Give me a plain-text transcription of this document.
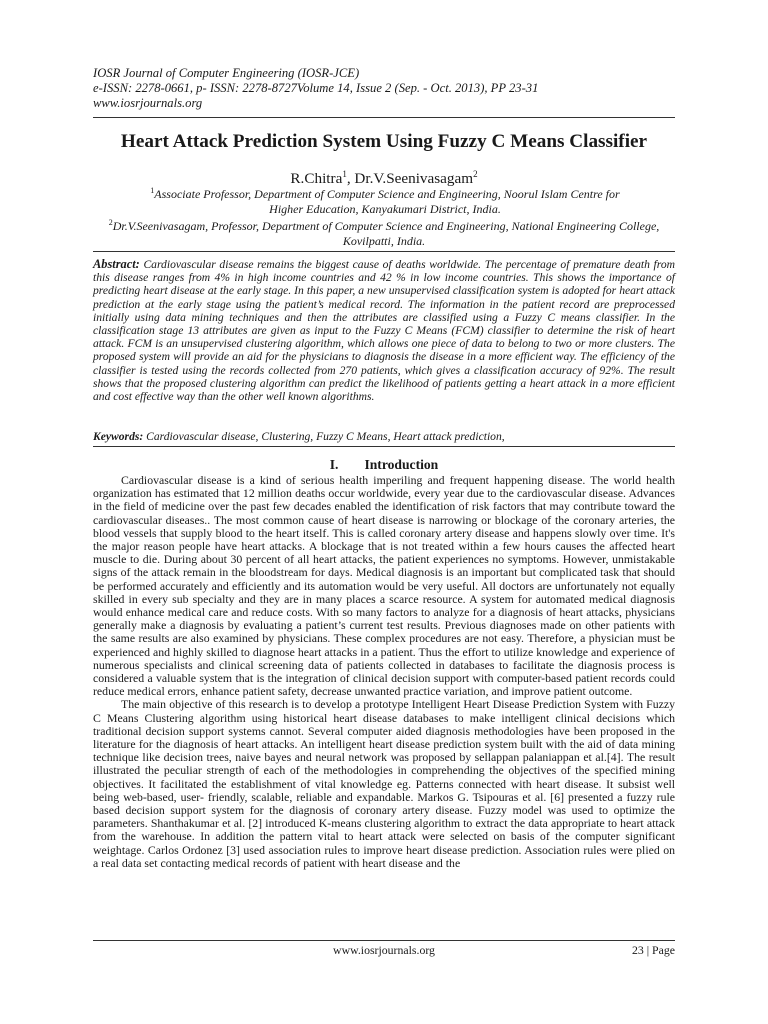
IOSR Journal of Computer Engineering (IOSR-JCE)
e-ISSN: 2278-0661, p- ISSN: 2278-8727Volume 14, Issue 2 (Sep. - Oct. 2013), PP 23-31
www.iosrjournals.org
Heart Attack Prediction System Using Fuzzy C Means Classifier
R.Chitra$^1$, Dr.V.Seenivasagam$^2$
$^1$Associate Professor, Department of Computer Science and Engineering, Noorul Islam Centre for Higher Education, Kanyakumari District, India.
$^2$Dr.V.Seenivasagam, Professor, Department of Computer Science and Engineering, National Engineering College, Kovilpatti, India.
Abstract: Cardiovascular disease remains the biggest cause of deaths worldwide. The percentage of premature death from this disease ranges from 4% in high income countries and 42 % in low income countries. This shows the importance of predicting heart disease at the early stage. In this paper, a new unsupervised classification system is adopted for heart attack prediction at the early stage using the patient’s medical record. The information in the patient record are preprocessed initially using data mining techniques and then the attributes are classified using a Fuzzy C means classifier. In the classification stage 13 attributes are given as input to the Fuzzy C Means (FCM) classifier to determine the risk of heart attack. FCM is an unsupervised clustering algorithm, which allows one piece of data to belong to two or more clusters. The proposed system will provide an aid for the physicians to diagnosis the disease in a more efficient way. The efficiency of the classifier is tested using the records collected from 270 patients, which gives a classification accuracy of 92%. The result shows that the proposed clustering algorithm can predict the likelihood of patients getting a heart attack in a more efficient and cost effective way than the other well known algorithms.
Keywords: Cardiovascular disease, Clustering, Fuzzy C Means, Heart attack prediction,
I. Introduction

Cardiovascular disease is a kind of serious health imperiling and frequent happening disease. The world health organization has estimated that 12 million deaths occur worldwide, every year due to the cardiovascular disease. Advances in the field of medicine over the past few decades enabled the identification of risk factors that may contribute toward the cardiovascular diseases.. The most common cause of heart disease is narrowing or blockage of the coronary arteries, the blood vessels that supply blood to the heart itself. This is called coronary artery disease and happens slowly over time. It's the major reason people have heart attacks. A blockage that is not treated within a few hours causes the affected heart muscle to die. During about 30 percent of all heart attacks, the patient experiences no symptoms. However, unmistakable signs of the attack remain in the bloodstream for days. Medical diagnosis is an important but complicated task that should be performed accurately and efficiently and its automation would be very useful. All doctors are unfortunately not equally skilled in every sub specialty and they are in many places a scarce resource. A system for automated medical diagnosis would enhance medical care and reduce costs. With so many factors to analyze for a diagnosis of heart attacks, physicians generally make a diagnosis by evaluating a patient’s current test results. Previous diagnoses made on other patients with the same results are also examined by physicians. These complex procedures are not easy. Therefore, a physician must be experienced and highly skilled to diagnose heart attacks in a patient. Thus the effort to utilize knowledge and experience of numerous specialists and clinical screening data of patients collected in databases to facilitate the diagnosis process is considered a valuable system that is the integration of clinical decision support with computer-based patient records could reduce medical errors, enhance patient safety, decrease unwanted practice variation, and improve patient outcome.

The main objective of this research is to develop a prototype Intelligent Heart Disease Prediction System with Fuzzy C Means Clustering algorithm using historical heart disease databases to make intelligent clinical decisions which traditional decision support systems cannot. Several computer aided diagnosis methodologies have been proposed in the literature for the diagnosis of heart attacks. An intelligent heart disease prediction system built with the aid of data mining technique like decision trees, naive bayes and neural network was proposed by sellappan palaniappan et al.[4]. The result illustrated the peculiar strength of each of the methodologies in comprehending the objectives of the specified mining objectives. It facilitated the establishment of vital knowledge eg. Patterns connected with heart disease. It subsist well being web-based, user- friendly, scalable, reliable and expandable. Markos G. Tsipouras et al. [6] presented a fuzzy rule based decision support system for the diagnosis of coronary artery disease. Fuzzy model was used to optimize the parameters. Shanthakumar et al. [2] introduced K-means clustering algorithm to extract the data appropriate to heart attack from the warehouse. In addition the pattern vital to heart attack were selected on basis of the computer significant weightage. Carlos Ordonez [3] used association rules to improve heart disease prediction. Association rules were plied on a real data set contacting medical records of patient with heart disease and the

www.iosrjournals.org	23 | Page
